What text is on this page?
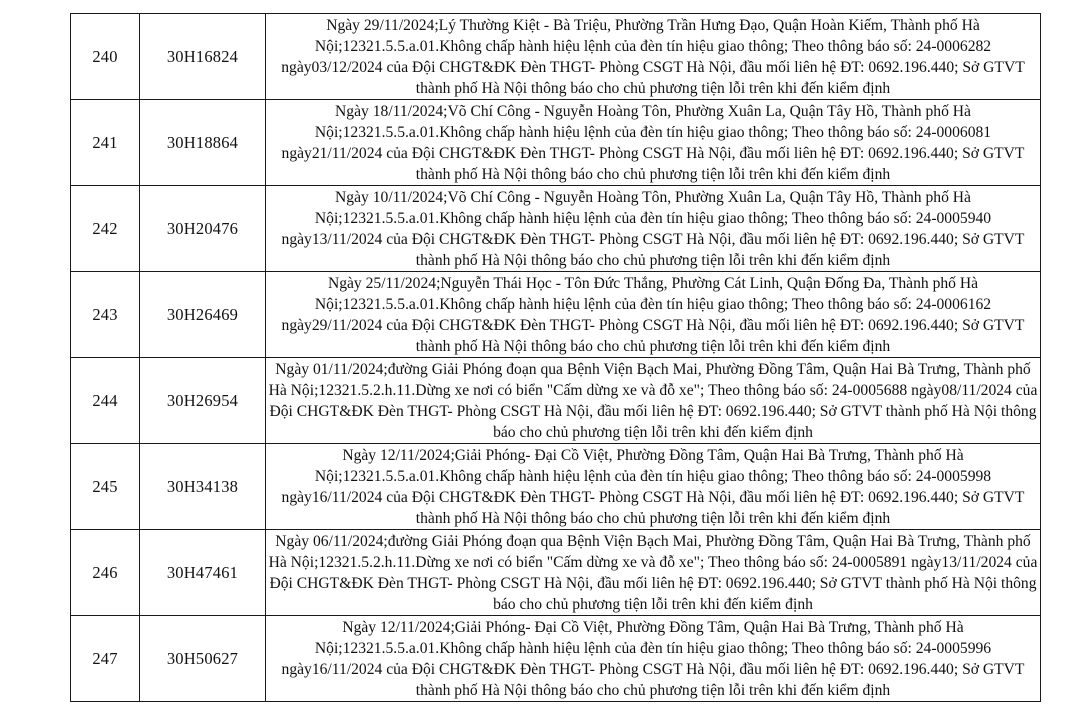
240	30H16824	Ngày 29/11/2024;Lý Thường Kiệt - Bà Triệu, Phường Trần Hưng Đạo, Quận Hoàn Kiếm, Thành phố Hà Nội;12321.5.5.a.01.Không chấp hành hiệu lệnh của đèn tín hiệu giao thông; Theo thông báo số: 24-0006282 ngày03/12/2024 của Đội CHGT&ĐK Đèn THGT- Phòng CSGT Hà Nội, đầu mối liên hệ ĐT: 0692.196.440; Sở GTVT thành phố Hà Nội thông báo cho chủ phương tiện lỗi trên khi đến kiểm định

241	30H18864	Ngày 18/11/2024;Võ Chí Công - Nguyễn Hoàng Tôn, Phường Xuân La, Quận Tây Hồ, Thành phố Hà Nội;12321.5.5.a.01.Không chấp hành hiệu lệnh của đèn tín hiệu giao thông; Theo thông báo số: 24-0006081 ngày21/11/2024 của Đội CHGT&ĐK Đèn THGT- Phòng CSGT Hà Nội, đầu mối liên hệ ĐT: 0692.196.440; Sở GTVT thành phố Hà Nội thông báo cho chủ phương tiện lỗi trên khi đến kiểm định

242	30H20476	Ngày 10/11/2024;Võ Chí Công - Nguyễn Hoàng Tôn, Phường Xuân La, Quận Tây Hồ, Thành phố Hà Nội;12321.5.5.a.01.Không chấp hành hiệu lệnh của đèn tín hiệu giao thông; Theo thông báo số: 24-0005940 ngày13/11/2024 của Đội CHGT&ĐK Đèn THGT- Phòng CSGT Hà Nội, đầu mối liên hệ ĐT: 0692.196.440; Sở GTVT thành phố Hà Nội thông báo cho chủ phương tiện lỗi trên khi đến kiểm định

243	30H26469	Ngày 25/11/2024;Nguyễn Thái Học - Tôn Đức Thắng, Phường Cát Linh, Quận Đống Đa, Thành phố Hà Nội;12321.5.5.a.01.Không chấp hành hiệu lệnh của đèn tín hiệu giao thông; Theo thông báo số: 24-0006162 ngày29/11/2024 của Đội CHGT&ĐK Đèn THGT- Phòng CSGT Hà Nội, đầu mối liên hệ ĐT: 0692.196.440; Sở GTVT thành phố Hà Nội thông báo cho chủ phương tiện lỗi trên khi đến kiểm định

244	30H26954	Ngày 01/11/2024;đường Giải Phóng đoạn qua Bệnh Viện Bạch Mai, Phường Đồng Tâm, Quận Hai Bà Trưng, Thành phố Hà Nội;12321.5.2.h.11.Dừng xe nơi có biển "Cấm dừng xe và đỗ xe"; Theo thông báo số: 24-0005688 ngày08/11/2024 của Đội CHGT&ĐK Đèn THGT- Phòng CSGT Hà Nội, đầu mối liên hệ ĐT: 0692.196.440; Sở GTVT thành phố Hà Nội thông báo cho chủ phương tiện lỗi trên khi đến kiểm định

245	30H34138	Ngày 12/11/2024;Giải Phóng- Đại Cồ Việt, Phường Đồng Tâm, Quận Hai Bà Trưng, Thành phố Hà Nội;12321.5.5.a.01.Không chấp hành hiệu lệnh của đèn tín hiệu giao thông; Theo thông báo số: 24-0005998 ngày16/11/2024 của Đội CHGT&ĐK Đèn THGT- Phòng CSGT Hà Nội, đầu mối liên hệ ĐT: 0692.196.440; Sở GTVT thành phố Hà Nội thông báo cho chủ phương tiện lỗi trên khi đến kiểm định

246	30H47461	Ngày 06/11/2024;đường Giải Phóng đoạn qua Bệnh Viện Bạch Mai, Phường Đồng Tâm, Quận Hai Bà Trưng, Thành phố Hà Nội;12321.5.2.h.11.Dừng xe nơi có biển "Cấm dừng xe và đỗ xe"; Theo thông báo số: 24-0005891 ngày13/11/2024 của Đội CHGT&ĐK Đèn THGT- Phòng CSGT Hà Nội, đầu mối liên hệ ĐT: 0692.196.440; Sở GTVT thành phố Hà Nội thông báo cho chủ phương tiện lỗi trên khi đến kiểm định

247	30H50627	Ngày 12/11/2024;Giải Phóng- Đại Cồ Việt, Phường Đồng Tâm, Quận Hai Bà Trưng, Thành phố Hà Nội;12321.5.5.a.01.Không chấp hành hiệu lệnh của đèn tín hiệu giao thông; Theo thông báo số: 24-0005996 ngày16/11/2024 của Đội CHGT&ĐK Đèn THGT- Phòng CSGT Hà Nội, đầu mối liên hệ ĐT: 0692.196.440; Sở GTVT thành phố Hà Nội thông báo cho chủ phương tiện lỗi trên khi đến kiểm định
